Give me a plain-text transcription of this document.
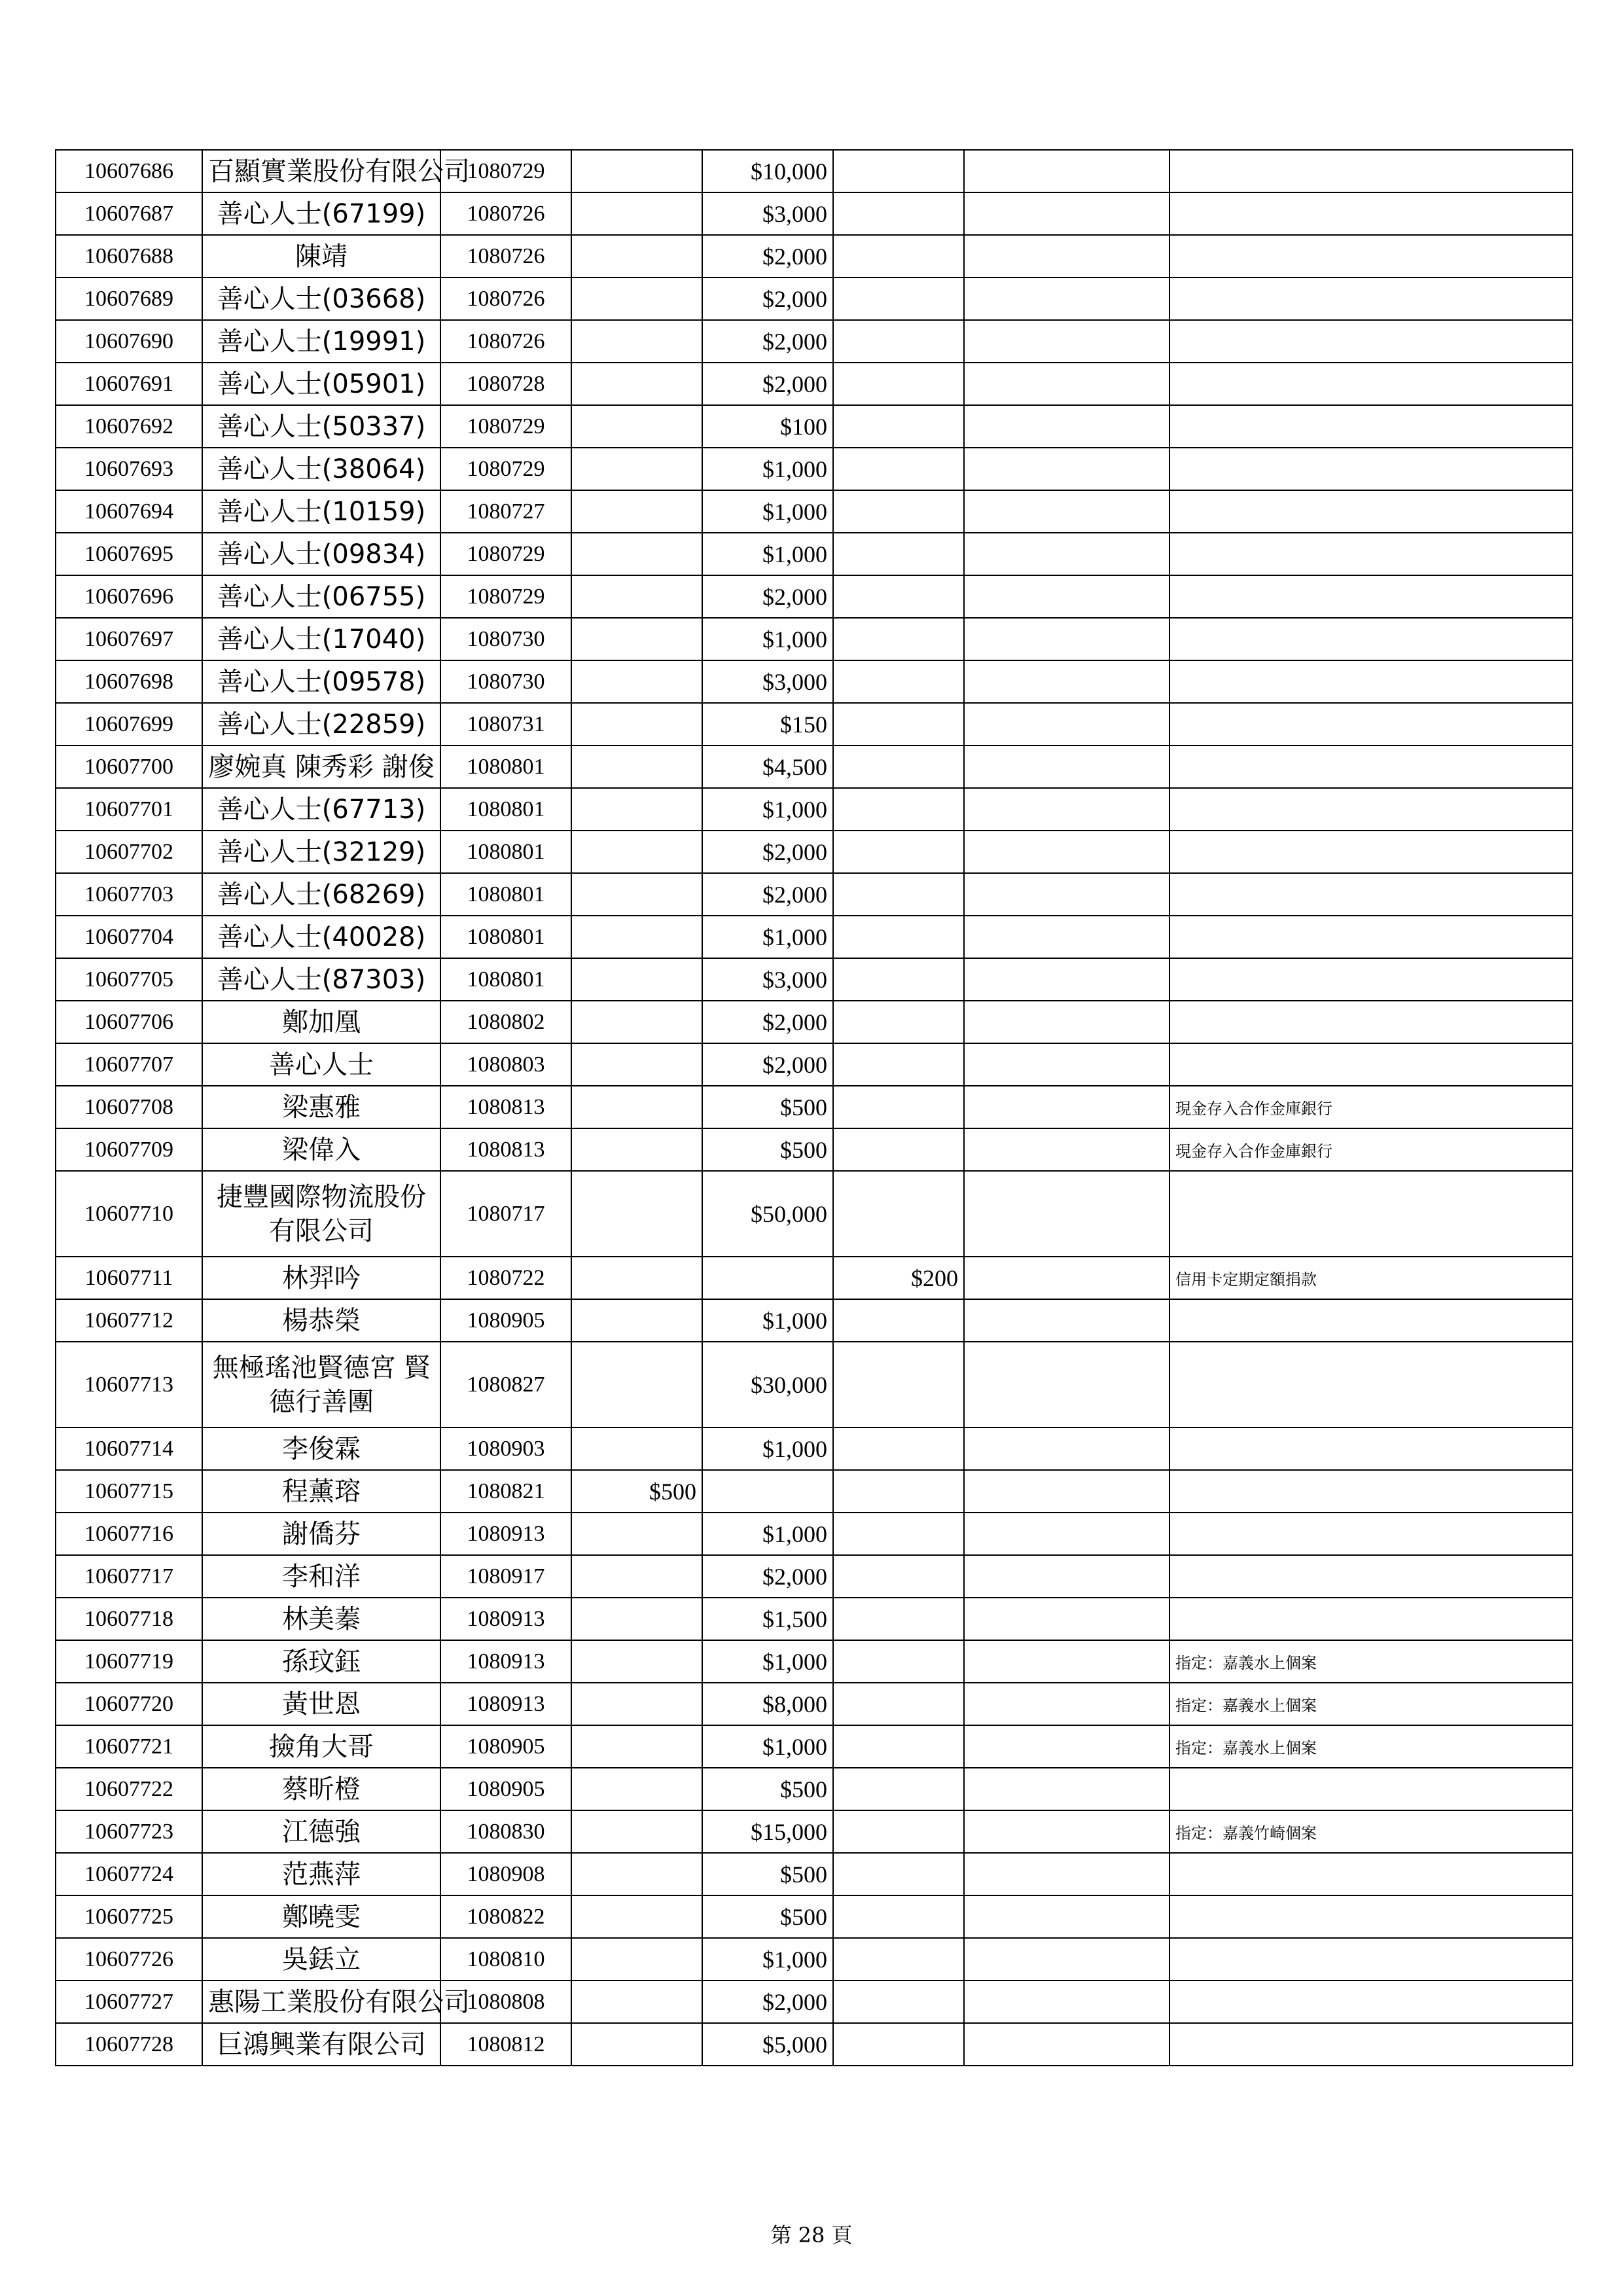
10607686	百顯實業股份有限公司	1080729		$10,000			
10607687	善心人士(67199)	1080726		$3,000			
10607688	陳靖	1080726		$2,000			
10607689	善心人士(03668)	1080726		$2,000			
10607690	善心人士(19991)	1080726		$2,000			
10607691	善心人士(05901)	1080728		$2,000			
10607692	善心人士(50337)	1080729		$100			
10607693	善心人士(38064)	1080729		$1,000			
10607694	善心人士(10159)	1080727		$1,000			
10607695	善心人士(09834)	1080729		$1,000			
10607696	善心人士(06755)	1080729		$2,000			
10607697	善心人士(17040)	1080730		$1,000			
10607698	善心人士(09578)	1080730		$3,000			
10607699	善心人士(22859)	1080731		$150			
10607700	廖婉真 陳秀彩 謝俊	1080801		$4,500			
10607701	善心人士(67713)	1080801		$1,000			
10607702	善心人士(32129)	1080801		$2,000			
10607703	善心人士(68269)	1080801		$2,000			
10607704	善心人士(40028)	1080801		$1,000			
10607705	善心人士(87303)	1080801		$3,000			
10607706	鄭加凰	1080802		$2,000			
10607707	善心人士	1080803		$2,000			
10607708	梁惠雅	1080813		$500			現金存入合作金庫銀行
10607709	梁偉入	1080813		$500			現金存入合作金庫銀行
10607710	捷豐國際物流股份有限公司	1080717		$50,000			
10607711	林羿吟	1080722			$200		信用卡定期定額捐款
10607712	楊恭榮	1080905		$1,000			
10607713	無極瑤池賢德宮 賢德行善團	1080827		$30,000			
10607714	李俊霖	1080903		$1,000			
10607715	程薰瑢	1080821	$500				
10607716	謝僑芬	1080913		$1,000			
10607717	李和洋	1080917		$2,000			
10607718	林美蓁	1080913		$1,500			
10607719	孫玟鈺	1080913		$1,000			指定：嘉義水上個案
10607720	黃世恩	1080913		$8,000			指定：嘉義水上個案
10607721	撿角大哥	1080905		$1,000			指定：嘉義水上個案
10607722	蔡昕橙	1080905		$500			
10607723	江德強	1080830		$15,000			指定：嘉義竹崎個案
10607724	范燕萍	1080908		$500			
10607725	鄭曉雯	1080822		$500			
10607726	吳銩立	1080810		$1,000			
10607727	惠陽工業股份有限公司	1080808		$2,000			
10607728	巨鴻興業有限公司	1080812		$5,000			
第 28 頁
